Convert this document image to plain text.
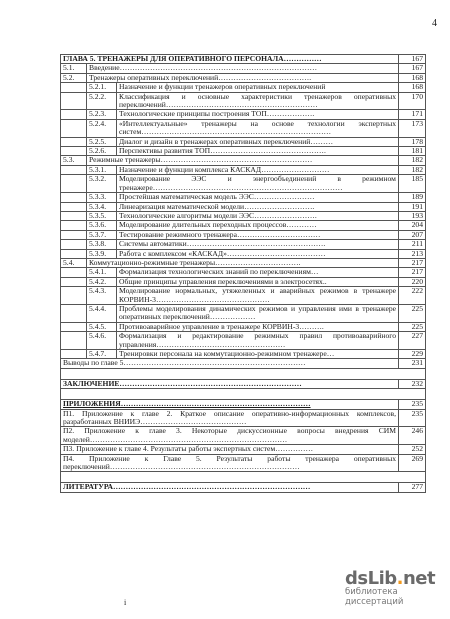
4
ГЛАВА 5. ТРЕНАЖЕРЫ ДЛЯ ОПЕРАТИВНОГО ПЕРСОНАЛА……………			167
5.1.	Введение……………………………………………………………………		167
5.2.	Тренажеры оперативных переключений……………………………….		168
	5.2.1.	Назначение и функции тренажеров оперативных переключений	168
	5.2.2.	Классификация и основные характеристики тренажеров оперативных переключений……………………………………………………	170
	5.2.3.	Технологические принципы построения ТОП……………….	171
	5.2.4.	«Интеллектуальные» тренажеры на основе технологии экспертных систем…………………………………………………………………	173
	5.2.5.	Диалог и дизайн в тренажерах оперативных переключений………	178
	5.2.6.	Перспективы развития ТОП……………………………………….	181
5.3.	Режимные тренажеры……………………………………………………		182
	5.3.1.	Назначение и функции комплекса КАСКАД………………………	182
	5.3.2.	Моделирование ЭЭС и энергообъединений в режимном тренажере…………………………………………………………………	185
	5.3.3.	Простейшая математическая модель ЭЭС……………………	189
	5.3.4.	Линеаризация математической модели……………………….	191
	5.3.5.	Технологические алгоритмы модели ЭЭС…………………….	193
	5.3.6.	Моделирование длительных переходных процессов…………	204
	5.3.7.	Тестирование режимного тренажера……………………………	207
	5.3.8.	Системы автоматики……………………………………………….	211
	5.3.9.	Работа с комплексом «КАСКАД»…………………………………	213
5.4.	Коммутационно-режимные тренажеры…………………………….		217
	5.4.1.	Формализация технологических знаний по переключениям…	217
	5.4.2.	Общие принципы управления переключениями в электросетях..	220
	5.4.3.	Моделирование нормальных, утяжеленных и аварийных режимов в тренажере КОРВИН-3………………………………………	222
	5.4.4.	Проблемы моделирования динамических режимов и управления ими в тренажере оперативных переключений………………	225
	5.4.5.	Противоаварийное управление в тренажере КОРВИН-3……….	225
	5.4.6.	Формализация и редактирование режимных правил противоаварийного управления……………………………………………	227
	5.4.7.	Тренировки персонала на коммутационно-режимном тренажере…	229
Выводы по главе 5………………………………………………………………			231

ЗАКЛЮЧЕНИЕ………………………………………………………………			232

ПРИЛОЖЕНИЯ…………………………………………………………………			235
П1. Приложение к главе 2. Краткое описание оперативно-информационных комплексов, разработанных ВНИИЭ……………………………………			235
П2. Приложение к главе 3. Некоторые дискуссионные вопросы внедрения СИМ моделей……………………………………………………………………			246
П3. Приложение к главе 4. Результаты работы экспертных систем……………			252
П4. Приложение к Главе 5. Результаты работы тренажера оперативных переключений…………………………………………………………………			269

ЛИТЕРАТУРА……………………………………………………………………			277
dsLib.net
библиотека диссертаций
i
